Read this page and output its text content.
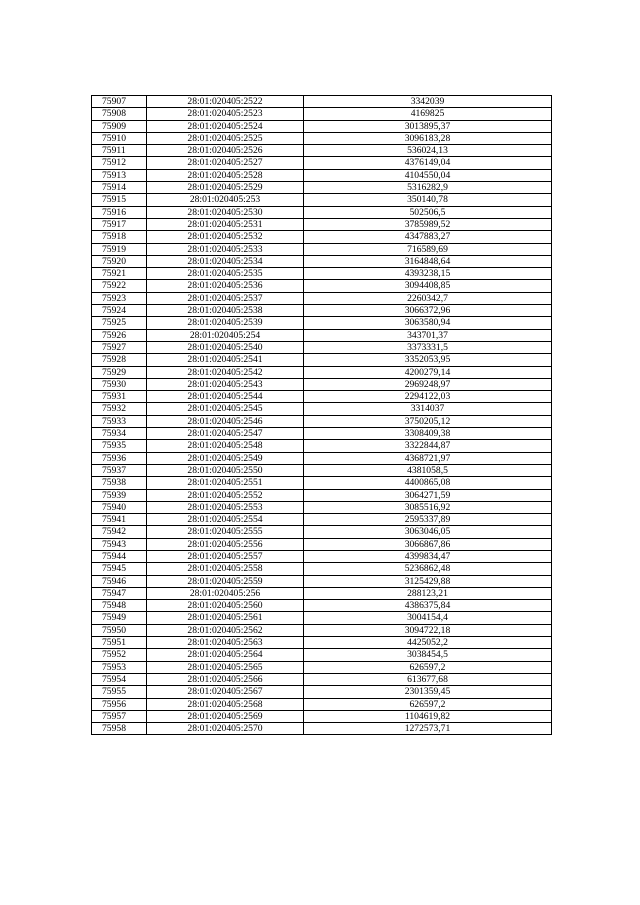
75907	28:01:020405:2522	3342039
75908	28:01:020405:2523	4169825
75909	28:01:020405:2524	3013895,37
75910	28:01:020405:2525	3096183,28
75911	28:01:020405:2526	536024,13
75912	28:01:020405:2527	4376149,04
75913	28:01:020405:2528	4104550,04
75914	28:01:020405:2529	5316282,9
75915	28:01:020405:253	350140,78
75916	28:01:020405:2530	502506,5
75917	28:01:020405:2531	3785989,52
75918	28:01:020405:2532	4347883,27
75919	28:01:020405:2533	716589,69
75920	28:01:020405:2534	3164848,64
75921	28:01:020405:2535	4393238,15
75922	28:01:020405:2536	3094408,85
75923	28:01:020405:2537	2260342,7
75924	28:01:020405:2538	3066372,96
75925	28:01:020405:2539	3063580,94
75926	28:01:020405:254	343701,37
75927	28:01:020405:2540	3373331,5
75928	28:01:020405:2541	3352053,95
75929	28:01:020405:2542	4200279,14
75930	28:01:020405:2543	2969248,97
75931	28:01:020405:2544	2294122,03
75932	28:01:020405:2545	3314037
75933	28:01:020405:2546	3750205,12
75934	28:01:020405:2547	3308409,38
75935	28:01:020405:2548	3322844,87
75936	28:01:020405:2549	4368721,97
75937	28:01:020405:2550	4381058,5
75938	28:01:020405:2551	4400865,08
75939	28:01:020405:2552	3064271,59
75940	28:01:020405:2553	3085516,92
75941	28:01:020405:2554	2595337,89
75942	28:01:020405:2555	3063046,05
75943	28:01:020405:2556	3066867,86
75944	28:01:020405:2557	4399834,47
75945	28:01:020405:2558	5236862,48
75946	28:01:020405:2559	3125429,88
75947	28:01:020405:256	288123,21
75948	28:01:020405:2560	4386375,84
75949	28:01:020405:2561	3004154,4
75950	28:01:020405:2562	3094722,18
75951	28:01:020405:2563	4425052,2
75952	28:01:020405:2564	3038454,5
75953	28:01:020405:2565	626597,2
75954	28:01:020405:2566	613677,68
75955	28:01:020405:2567	2301359,45
75956	28:01:020405:2568	626597,2
75957	28:01:020405:2569	1104619,82
75958	28:01:020405:2570	1272573,71
